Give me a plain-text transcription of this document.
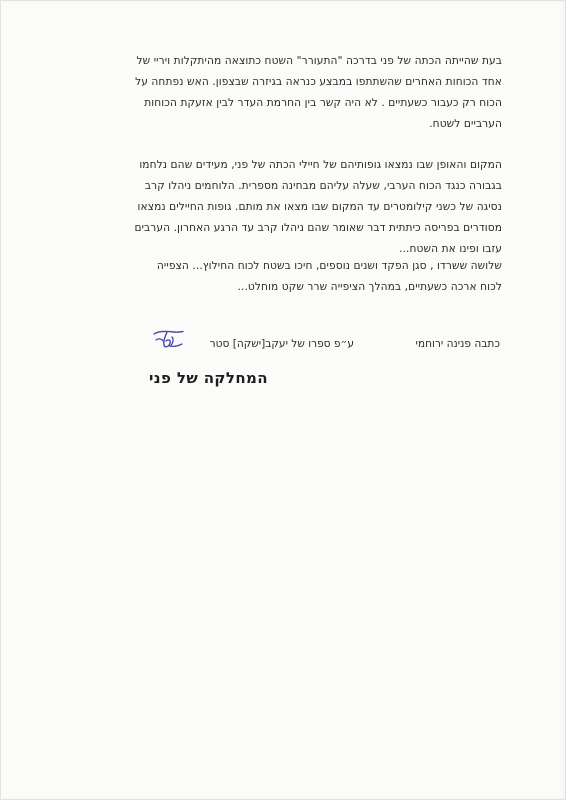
בעת שהייתה הכתה של פני בדרכה "התעורר" השטח כתוצאה מהיתקלות ויריי של
אחד הכוחות האחרים שהשתתפו במבצע כנראה בגיזרה שבצפון. האש נפתחה על
הכוח רק כעבור כשעתיים . לא היה קשר בין החרמת העדר לבין אזעקת הכוחות
הערביים לשטח.
המקום והאופן שבו נמצאו גופותיהם של חיילי הכתה של פני, מעידים שהם נלחמו
בגבורה כנגד הכוח הערבי, שעלה עליהם מבחינה מספרית. הלוחמים ניהלו קרב
נסיגה של כשני קילומטרים עד המקום שבו מצאו את מותם. גופות החיילים נמצאו
מסודרים בפריסה כיתתית דבר שאומר שהם ניהלו קרב עד הרגע האחרון. הערבים
עזבו ופינו את השטח...
שלושה ששרדו , סגן הפקד ושנים נוספים, חיכו בשטח לכוח החילוץ... הצפייה
לכוח ארכה כשעתיים, במהלך הציפייה שרר שקט מוחלט...
כתבה פנינה ירוחמי
ע״פ ספרו של יעקב[ישקה] סטר
המחלקה של פני
